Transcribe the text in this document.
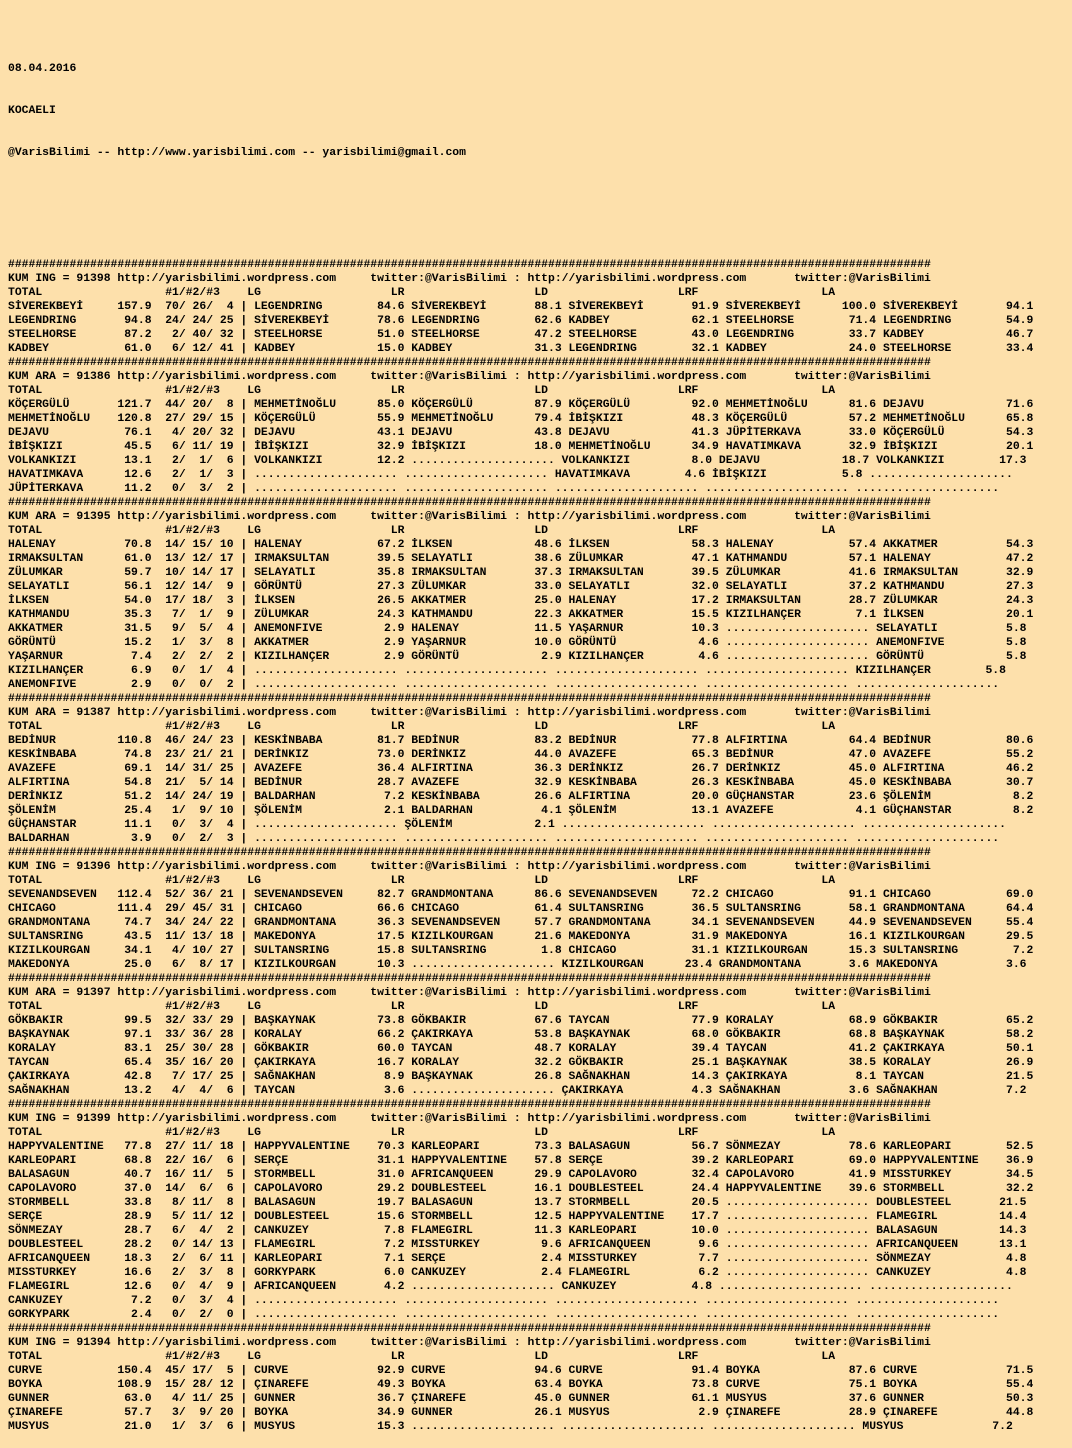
08.04.2016

KOCAELI

@VarisBilimi -- http://www.yarisbilimi.com -- yarisbilimi@gmail.com

#######################################################################################################################################
KUM ING = 91398 http://yarisbilimi.wordpress.com     twitter:@VarisBilimi : http://yarisbilimi.wordpress.com       twitter:@VarisBilimi
TOTAL                  #1/#2/#3    LG                   LR                   LD                   LRF                  LA
SİVEREKBEYİ     157.9  70/ 26/  4 | LEGENDRING        84.6 SİVEREKBEYİ       88.1 SİVEREKBEYİ       91.9 SİVEREKBEYİ      100.0 SİVEREKBEYİ       94.1
LEGENDRING       94.8  24/ 24/ 25 | SİVEREKBEYİ       78.6 LEGENDRING        62.6 KADBEY            62.1 STEELHORSE        71.4 LEGENDRING        54.9
STEELHORSE       87.2   2/ 40/ 32 | STEELHORSE        51.0 STEELHORSE        47.2 STEELHORSE        43.0 LEGENDRING        33.7 KADBEY            46.7
KADBEY           61.0   6/ 12/ 41 | KADBEY            15.0 KADBEY            31.3 LEGENDRING        32.1 KADBEY            24.0 STEELHORSE        33.4
#######################################################################################################################################
KUM ARA = 91386 http://yarisbilimi.wordpress.com     twitter:@VarisBilimi : http://yarisbilimi.wordpress.com       twitter:@VarisBilimi
TOTAL                  #1/#2/#3    LG                   LR                   LD                   LRF                  LA
KÖÇERGÜLÜ       121.7  44/ 20/  8 | MEHMETİNOĞLU      85.0 KÖÇERGÜLÜ         87.9 KÖÇERGÜLÜ         92.0 MEHMETİNOĞLU      81.6 DEJAVU            71.6
MEHMETİNOĞLU    120.8  27/ 29/ 15 | KÖÇERGÜLÜ         55.9 MEHMETİNOĞLU      79.4 İBİŞKIZI          48.3 KÖÇERGÜLÜ         57.2 MEHMETİNOĞLU      65.8
DEJAVU           76.1   4/ 20/ 32 | DEJAVU            43.1 DEJAVU            43.8 DEJAVU            41.3 JÜPİTERKAVA       33.0 KÖÇERGÜLÜ         54.3
İBİŞKIZI         45.5   6/ 11/ 19 | İBİŞKIZI          32.9 İBİŞKIZI          18.0 MEHMETİNOĞLU      34.9 HAVATIMKAVA       32.9 İBİŞKIZI          20.1
VOLKANKIZI       13.1   2/  1/  6 | VOLKANKIZI        12.2 ..................... VOLKANKIZI         8.0 DEJAVU            18.7 VOLKANKIZI        17.3
HAVATIMKAVA      12.6   2/  1/  3 | ..................... ..................... HAVATIMKAVA        4.6 İBİŞKIZI           5.8 .....................
JÜPİTERKAVA      11.2   0/  3/  2 | ..................... ..................... ..................... ..................... .....................
#######################################################################################################################################
KUM ARA = 91395 http://yarisbilimi.wordpress.com     twitter:@VarisBilimi : http://yarisbilimi.wordpress.com       twitter:@VarisBilimi
TOTAL                  #1/#2/#3    LG                   LR                   LD                   LRF                  LA
HALENAY          70.8  14/ 15/ 10 | HALENAY           67.2 İLKSEN            48.6 İLKSEN            58.3 HALENAY           57.4 AKKATMER          54.3
IRMAKSULTAN      61.0  13/ 12/ 17 | IRMAKSULTAN       39.5 SELAYATLI         38.6 ZÜLUMKAR          47.1 KATHMANDU         57.1 HALENAY           47.2
ZÜLUMKAR         59.7  10/ 14/ 17 | SELAYATLI         35.8 IRMAKSULTAN       37.3 IRMAKSULTAN       39.5 ZÜLUMKAR          41.6 IRMAKSULTAN       32.9
SELAYATLI        56.1  12/ 14/  9 | GÖRÜNTÜ           27.3 ZÜLUMKAR          33.0 SELAYATLI         32.0 SELAYATLI         37.2 KATHMANDU         27.3
İLKSEN           54.0  17/ 18/  3 | İLKSEN            26.5 AKKATMER          25.0 HALENAY           17.2 IRMAKSULTAN       28.7 ZÜLUMKAR          24.3
KATHMANDU        35.3   7/  1/  9 | ZÜLUMKAR          24.3 KATHMANDU         22.3 AKKATMER          15.5 KIZILHANÇER        7.1 İLKSEN            20.1
AKKATMER         31.5   9/  5/  4 | ANEMONFIVE         2.9 HALENAY           11.5 YAŞARNUR          10.3 ..................... SELAYATLI          5.8
GÖRÜNTÜ          15.2   1/  3/  8 | AKKATMER           2.9 YAŞARNUR          10.0 GÖRÜNTÜ            4.6 ..................... ANEMONFIVE         5.8
YAŞARNUR          7.4   2/  2/  2 | KIZILHANÇER        2.9 GÖRÜNTÜ            2.9 KIZILHANÇER        4.6 ..................... GÖRÜNTÜ            5.8
KIZILHANÇER       6.9   0/  1/  4 | ..................... ..................... ..................... ..................... KIZILHANÇER        5.8
ANEMONFIVE        2.9   0/  0/  2 | ..................... ..................... ..................... ..................... .....................
#######################################################################################################################################
KUM ARA = 91387 http://yarisbilimi.wordpress.com     twitter:@VarisBilimi : http://yarisbilimi.wordpress.com       twitter:@VarisBilimi
TOTAL                  #1/#2/#3    LG                   LR                   LD                   LRF                  LA
BEDİNUR         110.8  46/ 24/ 23 | KESKİNBABA        81.7 BEDİNUR           83.2 BEDİNUR           77.8 ALFIRTINA         64.4 BEDİNUR           80.6
KESKİNBABA       74.8  23/ 21/ 21 | DERİNKIZ          73.0 DERİNKIZ          44.0 AVAZEFE           65.3 BEDİNUR           47.0 AVAZEFE           55.2
AVAZEFE          69.1  14/ 31/ 25 | AVAZEFE           36.4 ALFIRTINA         36.3 DERİNKIZ          26.7 DERİNKIZ          45.0 ALFIRTINA         46.2
ALFIRTINA        54.8  21/  5/ 14 | BEDİNUR           28.7 AVAZEFE           32.9 KESKİNBABA        26.3 KESKİNBABA        45.0 KESKİNBABA        30.7
DERİNKIZ         51.2  14/ 24/ 19 | BALDARHAN          7.2 KESKİNBABA        26.6 ALFIRTINA         20.0 GÜÇHANSTAR        23.6 ŞÖLENİM            8.2
ŞÖLENİM          25.4   1/  9/ 10 | ŞÖLENİM            2.1 BALDARHAN          4.1 ŞÖLENİM           13.1 AVAZEFE            4.1 GÜÇHANSTAR         8.2
GÜÇHANSTAR       11.1   0/  3/  4 | ..................... ŞÖLENİM            2.1 ..................... ..................... .....................
BALDARHAN         3.9   0/  2/  3 | ..................... ..................... ..................... ..................... .....................
#######################################################################################################################################
KUM ING = 91396 http://yarisbilimi.wordpress.com     twitter:@VarisBilimi : http://yarisbilimi.wordpress.com       twitter:@VarisBilimi
TOTAL                  #1/#2/#3    LG                   LR                   LD                   LRF                  LA
SEVENANDSEVEN   112.4  52/ 36/ 21 | SEVENANDSEVEN     82.7 GRANDMONTANA      86.6 SEVENANDSEVEN     72.2 CHICAGO           91.1 CHICAGO           69.0
CHICAGO         111.4  29/ 45/ 31 | CHICAGO           66.6 CHICAGO           61.4 SULTANSRING       36.5 SULTANSRING       58.1 GRANDMONTANA      64.4
GRANDMONTANA     74.7  34/ 24/ 22 | GRANDMONTANA      36.3 SEVENANDSEVEN     57.7 GRANDMONTANA      34.1 SEVENANDSEVEN     44.9 SEVENANDSEVEN     55.4
SULTANSRING      43.5  11/ 13/ 18 | MAKEDONYA         17.5 KIZILKOURGAN      21.6 MAKEDONYA         31.9 MAKEDONYA         16.1 KIZILKOURGAN      29.5
KIZILKOURGAN     34.1   4/ 10/ 27 | SULTANSRING       15.8 SULTANSRING        1.8 CHICAGO           31.1 KIZILKOURGAN      15.3 SULTANSRING        7.2
MAKEDONYA        25.0   6/  8/ 17 | KIZILKOURGAN      10.3 ..................... KIZILKOURGAN      23.4 GRANDMONTANA       3.6 MAKEDONYA          3.6
#######################################################################################################################################
KUM ARA = 91397 http://yarisbilimi.wordpress.com     twitter:@VarisBilimi : http://yarisbilimi.wordpress.com       twitter:@VarisBilimi
TOTAL                  #1/#2/#3    LG                   LR                   LD                   LRF                  LA
GÖKBAKIR         99.5  32/ 33/ 29 | BAŞKAYNAK         73.8 GÖKBAKIR          67.6 TAYCAN            77.9 KORALAY           68.9 GÖKBAKIR          65.2
BAŞKAYNAK        97.1  33/ 36/ 28 | KORALAY           66.2 ÇAKIRKAYA         53.8 BAŞKAYNAK         68.0 GÖKBAKIR          68.8 BAŞKAYNAK         58.2
KORALAY          83.1  25/ 30/ 28 | GÖKBAKIR          60.0 TAYCAN            48.7 KORALAY           39.4 TAYCAN            41.2 ÇAKIRKAYA         50.1
TAYCAN           65.4  35/ 16/ 20 | ÇAKIRKAYA         16.7 KORALAY           32.2 GÖKBAKIR          25.1 BAŞKAYNAK         38.5 KORALAY           26.9
ÇAKIRKAYA        42.8   7/ 17/ 25 | SAĞNAKHAN          8.9 BAŞKAYNAK         26.8 SAĞNAKHAN         14.3 ÇAKIRKAYA          8.1 TAYCAN            21.5
SAĞNAKHAN        13.2   4/  4/  6 | TAYCAN             3.6 ..................... ÇAKIRKAYA          4.3 SAĞNAKHAN          3.6 SAĞNAKHAN          7.2
#######################################################################################################################################
KUM ING = 91399 http://yarisbilimi.wordpress.com     twitter:@VarisBilimi : http://yarisbilimi.wordpress.com       twitter:@VarisBilimi
TOTAL                  #1/#2/#3    LG                   LR                   LD                   LRF                  LA
HAPPYVALENTINE   77.8  27/ 11/ 18 | HAPPYVALENTINE    70.3 KARLEOPARI        73.3 BALASAGUN         56.7 SÖNMEZAY          78.6 KARLEOPARI        52.5
KARLEOPARI       68.8  22/ 16/  6 | SERÇE             31.1 HAPPYVALENTINE    57.8 SERÇE             39.2 KARLEOPARI        69.0 HAPPYVALENTINE    36.9
BALASAGUN        40.7  16/ 11/  5 | STORMBELL         31.0 AFRICANQUEEN      29.9 CAPOLAVORO        32.4 CAPOLAVORO        41.9 MISSTURKEY        34.5
CAPOLAVORO       37.0  14/  6/  6 | CAPOLAVORO        29.2 DOUBLESTEEL       16.1 DOUBLESTEEL       24.4 HAPPYVALENTINE    39.6 STORMBELL         32.2
STORMBELL        33.8   8/ 11/  8 | BALASAGUN         19.7 BALASAGUN         13.7 STORMBELL         20.5 ..................... DOUBLESTEEL       21.5
SERÇE            28.9   5/ 11/ 12 | DOUBLESTEEL       15.6 STORMBELL         12.5 HAPPYVALENTINE    17.7 ..................... FLAMEGIRL         14.4
SÖNMEZAY         28.7   6/  4/  2 | CANKUZEY           7.8 FLAMEGIRL         11.3 KARLEOPARI        10.0 ..................... BALASAGUN         14.3
DOUBLESTEEL      28.2   0/ 14/ 13 | FLAMEGIRL          7.2 MISSTURKEY         9.6 AFRICANQUEEN       9.6 ..................... AFRICANQUEEN      13.1
AFRICANQUEEN     18.3   2/  6/ 11 | KARLEOPARI         7.1 SERÇE              2.4 MISSTURKEY         7.7 ..................... SÖNMEZAY           4.8
MISSTURKEY       16.6   2/  3/  8 | GORKYPARK          6.0 CANKUZEY           2.4 FLAMEGIRL          6.2 ..................... CANKUZEY           4.8
FLAMEGIRL        12.6   0/  4/  9 | AFRICANQUEEN       4.2 ..................... CANKUZEY           4.8 ..................... .....................
CANKUZEY          7.2   0/  3/  4 | ..................... ..................... ..................... ..................... .....................
GORKYPARK         2.4   0/  2/  0 | ..................... ..................... ..................... ..................... .....................
#######################################################################################################################################
KUM ING = 91394 http://yarisbilimi.wordpress.com     twitter:@VarisBilimi : http://yarisbilimi.wordpress.com       twitter:@VarisBilimi
TOTAL                  #1/#2/#3    LG                   LR                   LD                   LRF                  LA
CURVE           150.4  45/ 17/  5 | CURVE             92.9 CURVE             94.6 CURVE             91.4 BOYKA             87.6 CURVE             71.5
BOYKA           108.9  15/ 28/ 12 | ÇINAREFE          49.3 BOYKA             63.4 BOYKA             73.8 CURVE             75.1 BOYKA             55.4
GUNNER           63.0   4/ 11/ 25 | GUNNER            36.7 ÇINAREFE          45.0 GUNNER            61.1 MUSYUS            37.6 GUNNER            50.3
ÇINAREFE         57.7   3/  9/ 20 | BOYKA             34.9 GUNNER            26.1 MUSYUS             2.9 ÇINAREFE          28.9 ÇINAREFE          44.8
MUSYUS           21.0   1/  3/  6 | MUSYUS            15.3 ..................... ..................... ..................... MUSYUS             7.2
